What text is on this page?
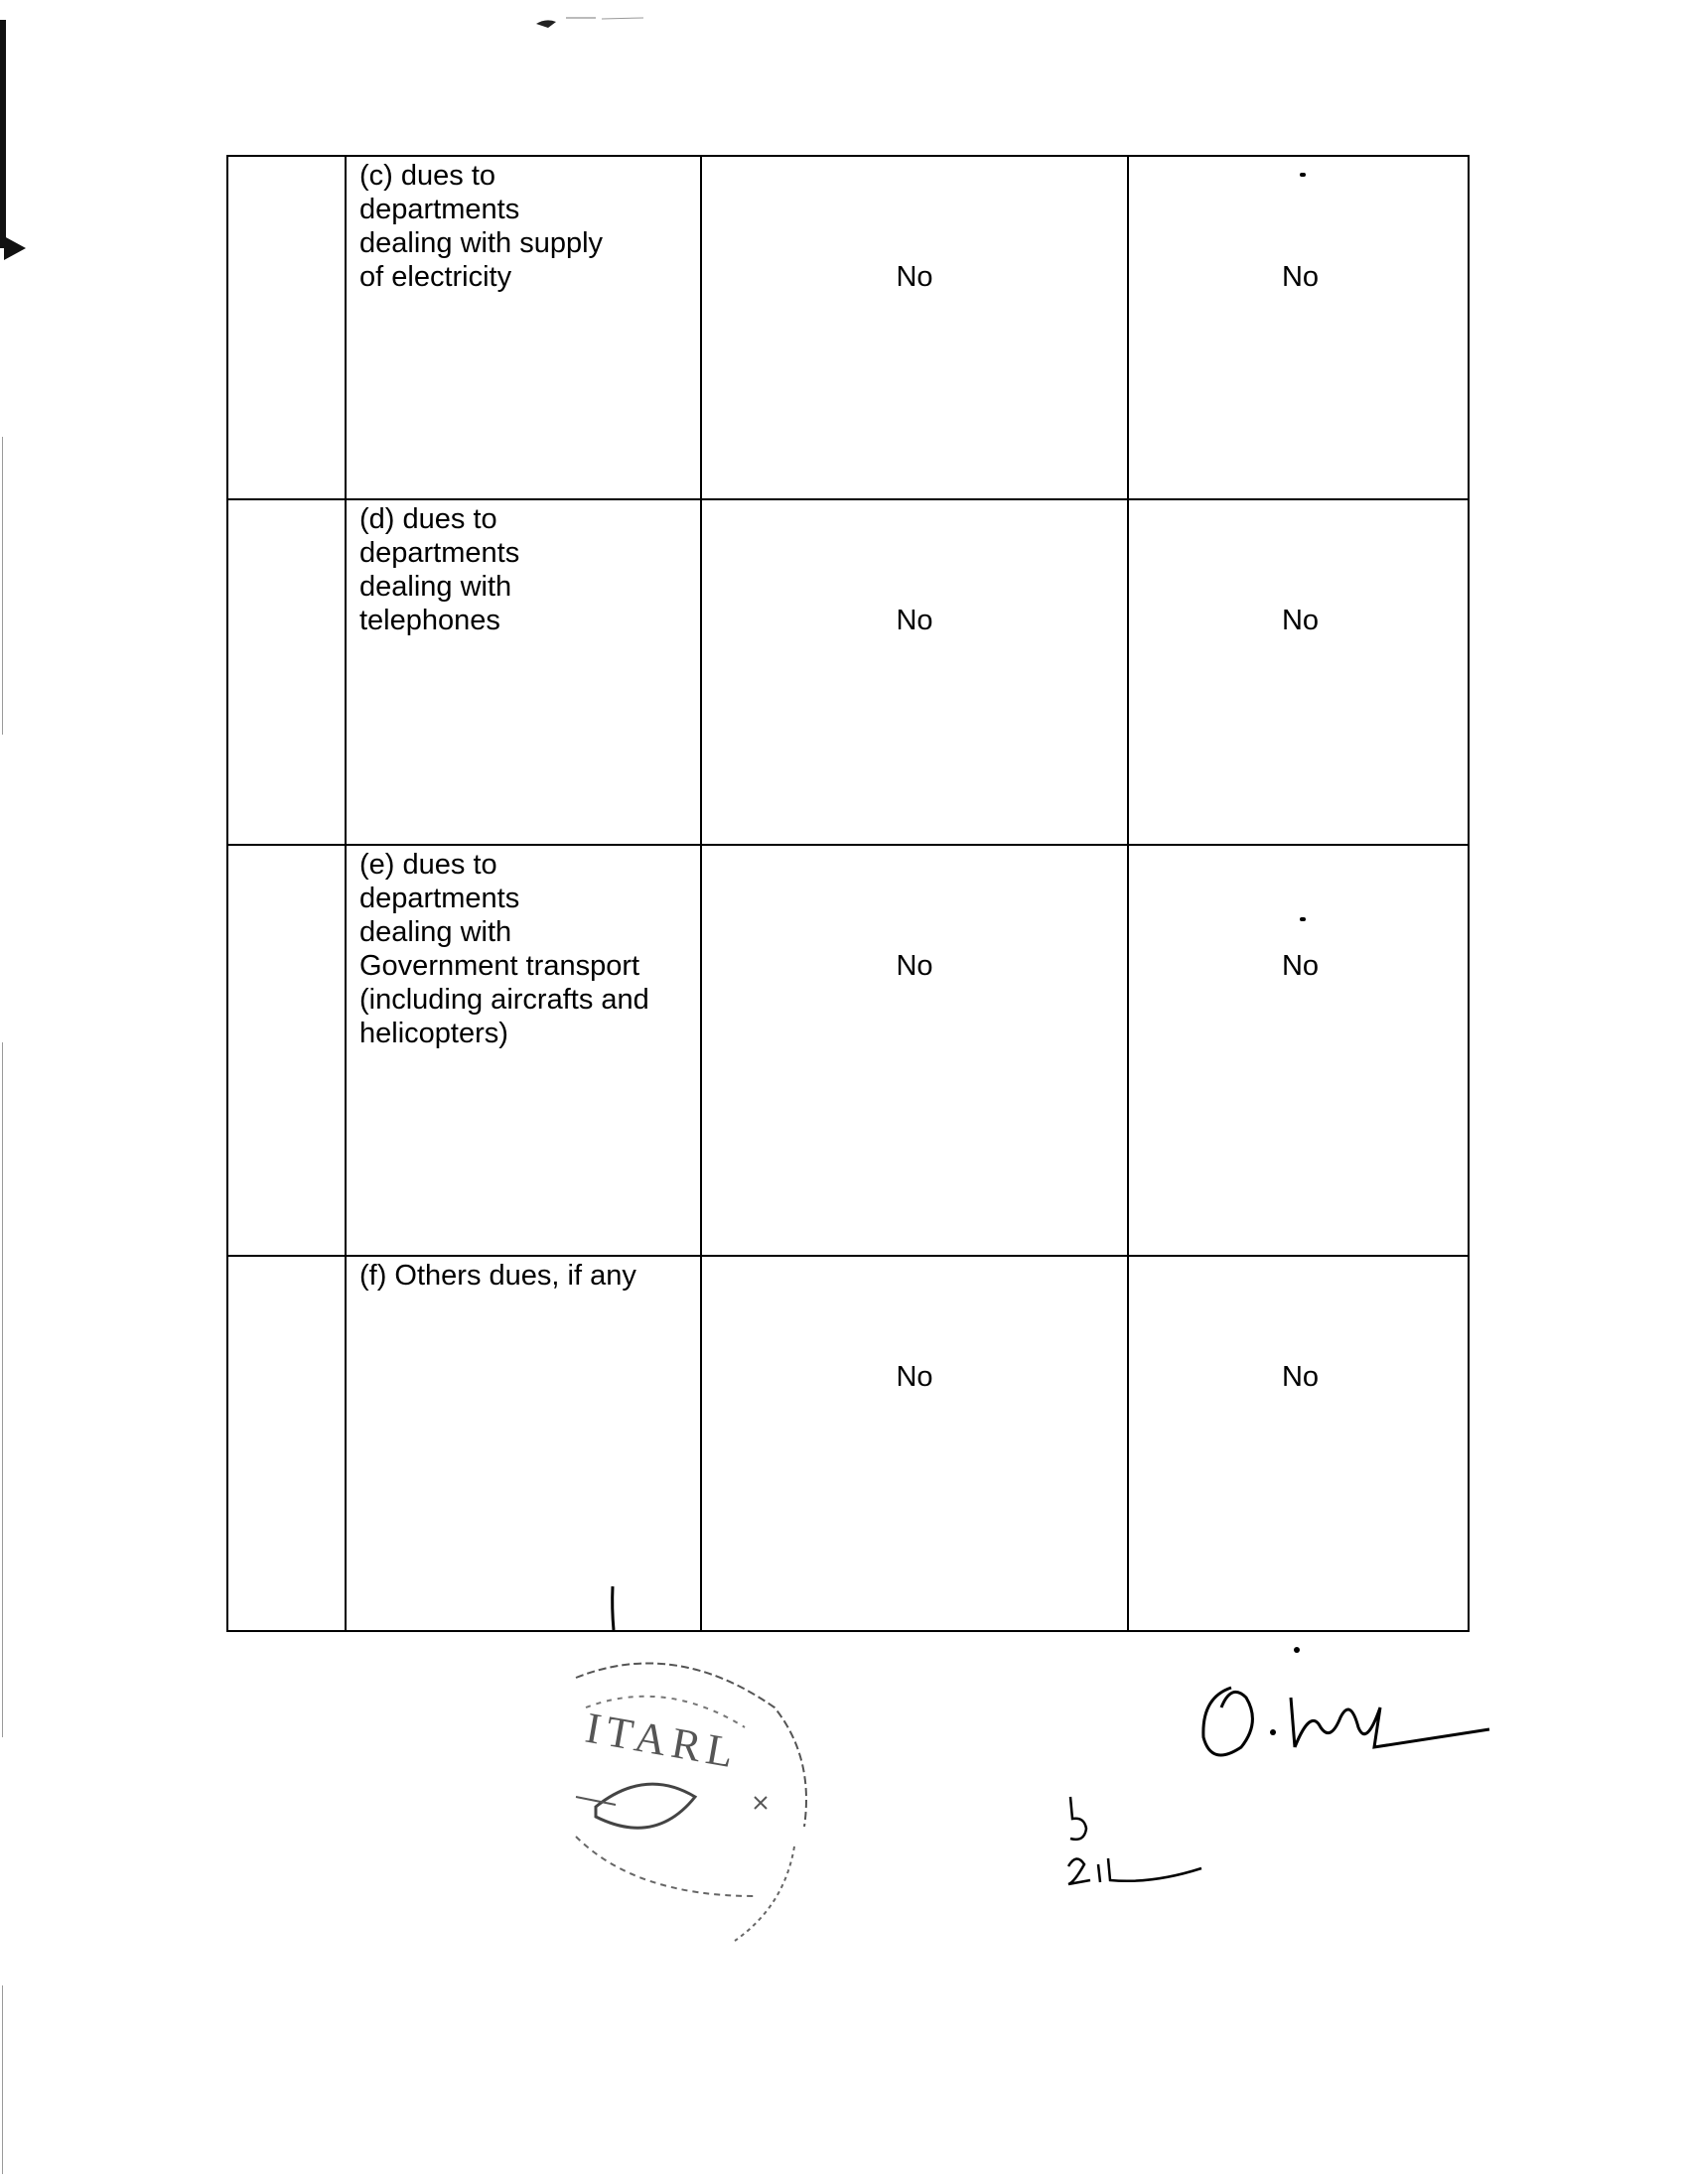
(c) dues to
departments
dealing with supply
of electricity	No	No
(d) dues to
departments
dealing with
telephones	No	No
(e) dues to
departments
dealing with
Government transport
(including aircrafts and
helicopters)
No	No
(f) Others dues, if any
No	No
ITARL
